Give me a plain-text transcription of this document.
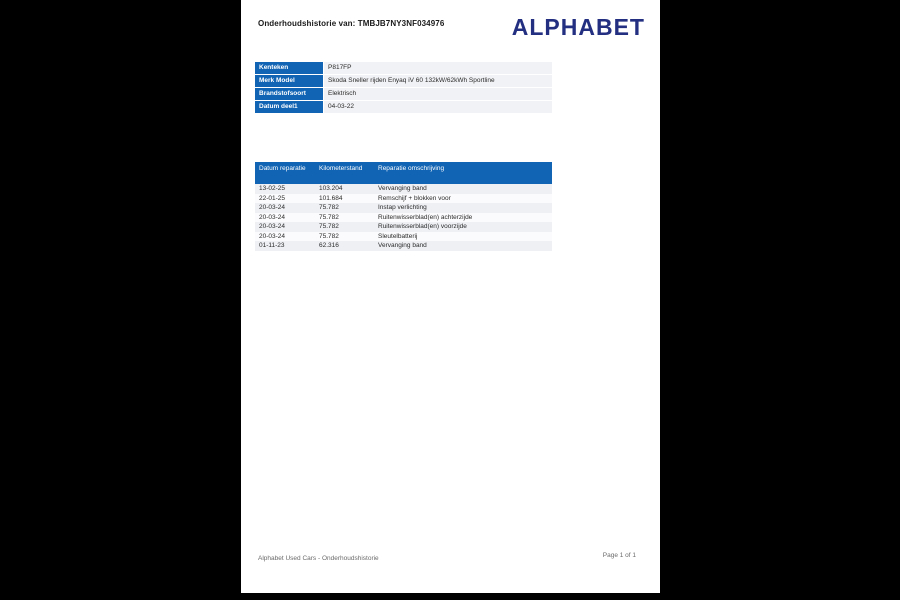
Onderhoudshistorie van: TMBJB7NY3NF034976	ALPHABET
Kenteken	P817FP
Merk Model	Skoda Sneller rijden Enyaq iV 60 132kW/62kWh Sportline
Brandstofsoort	Elektrisch
Datum deel1	04-03-22
Datum reparatie	Kilometerstand	Reparatie omschrijving
13-02-25	103.204	Vervanging band
22-01-25	101.684	Remschijf + blokken voor
20-03-24	75.782	Instap verlichting
20-03-24	75.782	Ruitenwisserblad(en) achterzijde
20-03-24	75.782	Ruitenwisserblad(en) voorzijde
20-03-24	75.782	Sleutelbatterij
01-11-23	62.316	Vervanging band
Alphabet Used Cars - Onderhoudshistorie	Page 1 of 1
